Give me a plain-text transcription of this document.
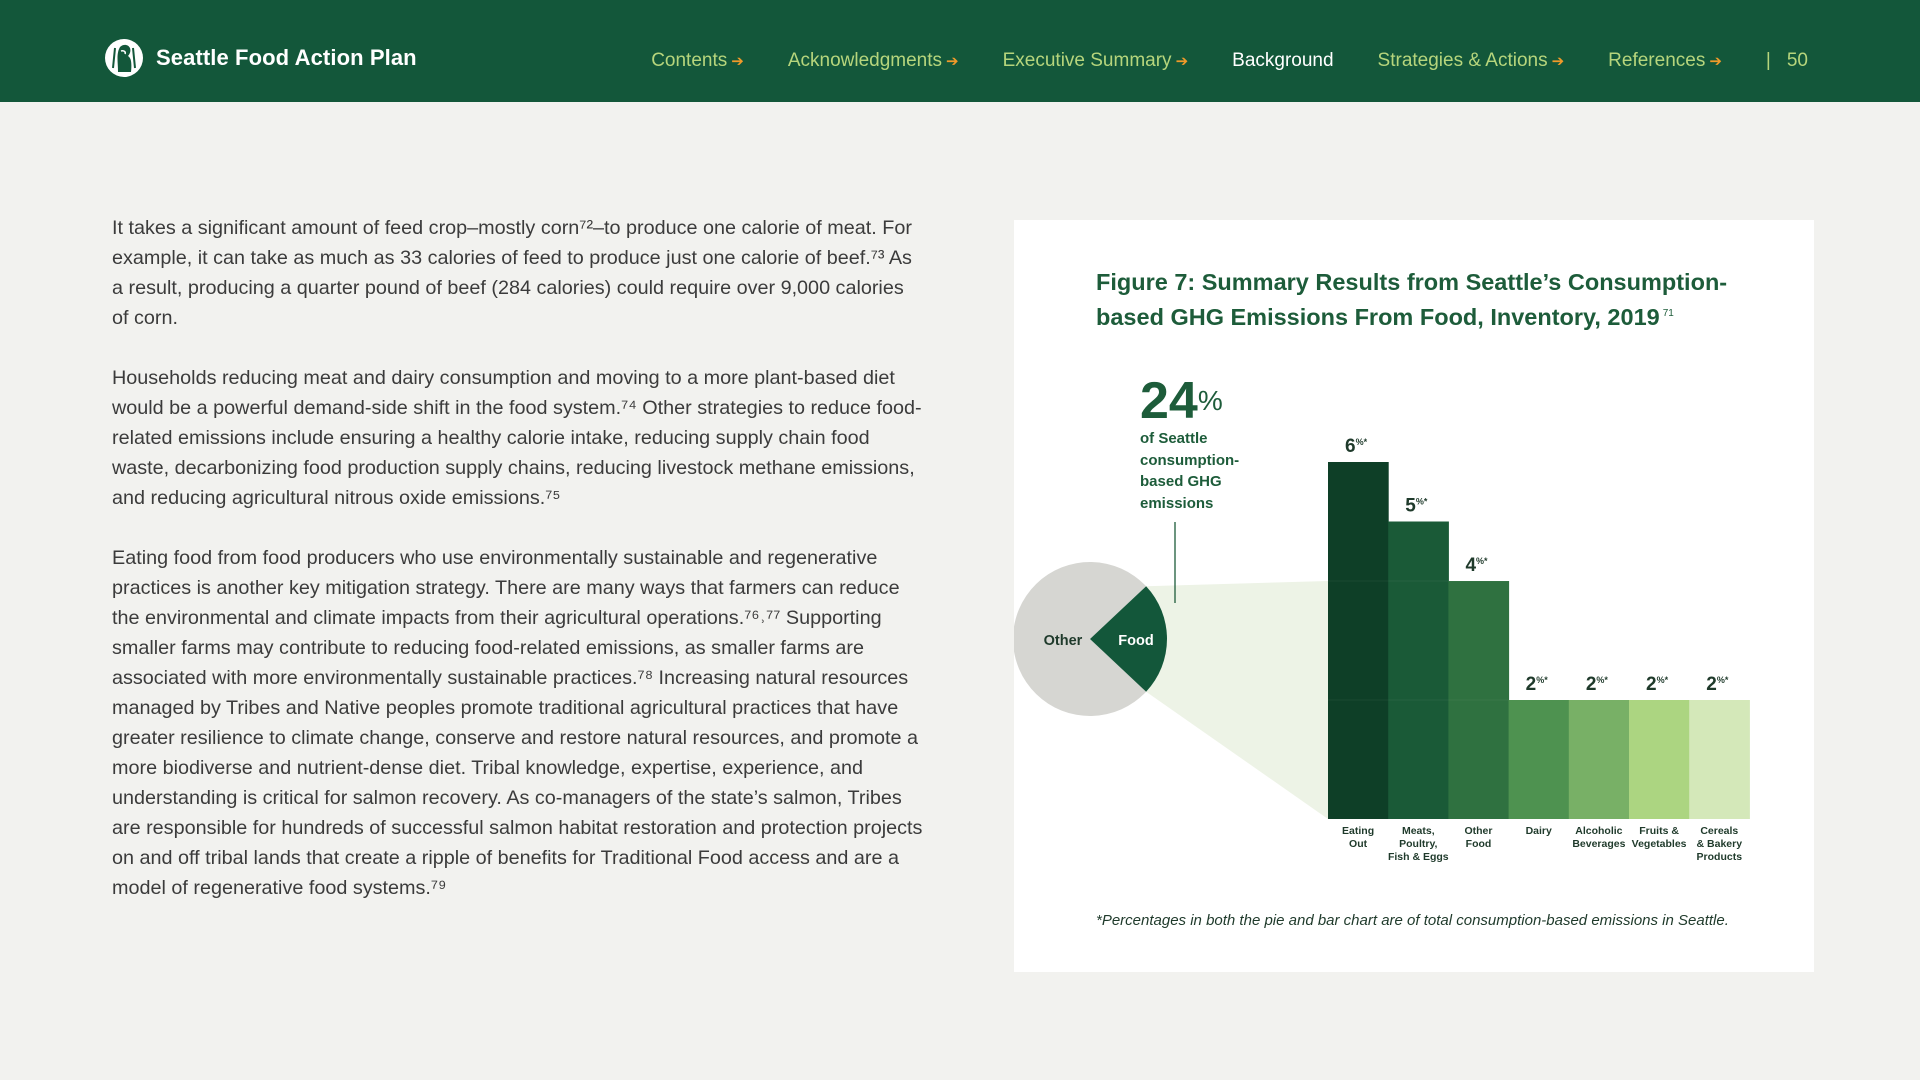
Seattle Food Action Plan	Contents ➔ Acknowledgments ➔ Executive Summary ➔ Background Strategies & Actions ➔ References ➔ | 50

It takes a significant amount of feed crop–mostly corn⁷²–to produce one calorie of meat. For example, it can take as much as 33 calories of feed to produce just one calorie of beef.⁷³ As a result, producing a quarter pound of beef (284 calories) could require over 9,000 calories of corn.

Households reducing meat and dairy consumption and moving to a more plant-based diet would be a powerful demand-side shift in the food system.⁷⁴ Other strategies to reduce food-related emissions include ensuring a healthy calorie intake, reducing supply chain food waste, decarbonizing food production supply chains, reducing livestock methane emissions, and reducing agricultural nitrous oxide emissions.⁷⁵

Eating food from food producers who use environmentally sustainable and regenerative practices is another key mitigation strategy. There are many ways that farmers can reduce the environmental and climate impacts from their agricultural operations.⁷⁶˒⁷⁷ Supporting smaller farms may contribute to reducing food-related emissions, as smaller farms are associated with more environmentally sustainable practices.⁷⁸ Increasing natural resources managed by Tribes and Native peoples promote traditional agricultural practices that have greater resilience to climate change, conserve and restore natural resources, and promote a more biodiverse and nutrient-dense diet. Tribal knowledge, expertise, experience, and understanding is critical for salmon recovery. As co-managers of the state’s salmon, Tribes are responsible for hundreds of successful salmon habitat restoration and protection projects on and off tribal lands that create a ripple of benefits for Traditional Food access and are a model of regenerative food systems.⁷⁹

Figure 7: Summary Results from Seattle’s Consumption-based GHG Emissions From Food, Inventory, 2019 $^{71}$
Other Food
6%*
Eating Out
5%*
Meats, Poultry, Fish & Eggs
4%*
Other Food
2%*
Dairy
2%*
Alcoholic Beverages
2%*
Fruits & Vegetables
2%*
Cereals & Bakery Products
24%
of Seattle consumption-based GHG emissions
*Percentages in both the pie and bar chart are of total consumption-based emissions in Seattle.
